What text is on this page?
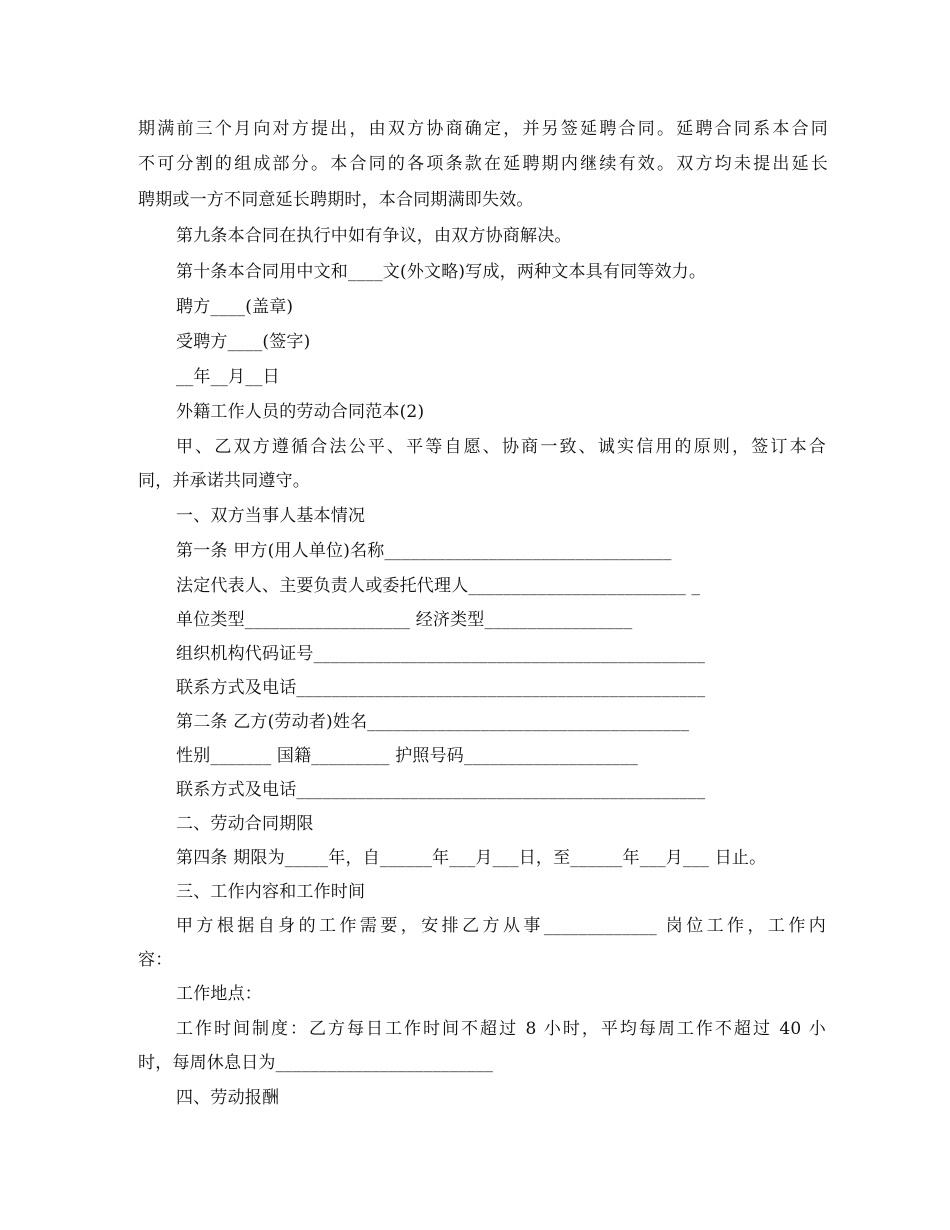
期满前三个月向对方提出，由双方协商确定，并另签延聘合同。延聘合同系本合同
不可分割的组成部分。本合同的各项条款在延聘期内继续有效。双方均未提出延长
聘期或一方不同意延长聘期时，本合同期满即失效。
第九条本合同在执行中如有争议，由双方协商解决。
第十条本合同用中文和____文(外文略)写成，两种文本具有同等效力。
聘方____(盖章)
受聘方____(签字)
__年__月__日
外籍工作人员的劳动合同范本(2)
甲、乙双方遵循合法公平、平等自愿、协商一致、诚实信用的原则，签订本合
同，并承诺共同遵守。
一、双方当事人基本情况
第一条 甲方(用人单位)名称_________________________________
法定代表人、主要负责人或委托代理人_________________________ _
单位类型___________________ 经济类型_________________
组织机构代码证号_____________________________________________
联系方式及电话_______________________________________________
第二条 乙方(劳动者)姓名_____________________________________
性别_______ 国籍_________ 护照号码____________________
联系方式及电话_______________________________________________
二、劳动合同期限
第四条 期限为_____年，自______年___月___日，至______年___月___ 日止。
三、工作内容和工作时间
甲方根据自身的工作需要，安排乙方从事_____________ 岗位工作，工作内
容：
工作地点：
工作时间制度：乙方每日工作时间不超过 8 小时，平均每周工作不超过 40 小
时，每周休息日为_________________________
四、劳动报酬
